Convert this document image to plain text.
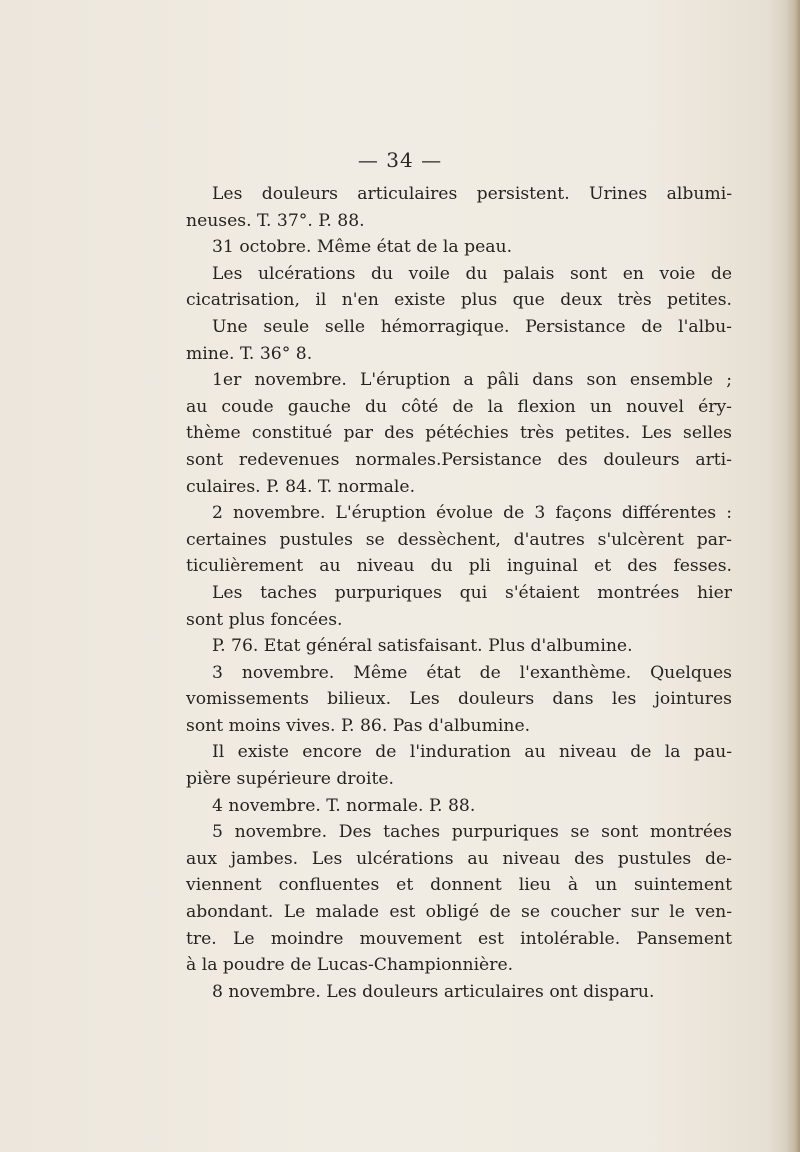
— 34 —
Les douleurs articulaires persistent. Urines albumi-
neuses. T. 37°. P. 88.
31 octobre. Même état de la peau.
Les ulcérations du voile du palais sont en voie de
cicatrisation, il n'en existe plus que deux très petites.
Une seule selle hémorragique. Persistance de l'albu-
mine. T. 36° 8.
1er novembre. L'éruption a pâli dans son ensemble ;
au coude gauche du côté de la flexion un nouvel éry-
thème constitué par des pétéchies très petites. Les selles
sont redevenues normales.Persistance des douleurs arti-
culaires. P. 84. T. normale.
2 novembre. L'éruption évolue de 3 façons différentes :
certaines pustules se dessèchent, d'autres s'ulcèrent par-
ticulièrement au niveau du pli inguinal et des fesses.
Les taches purpuriques qui s'étaient montrées hier
sont plus foncées.
P. 76. Etat général satisfaisant. Plus d'albumine.
3 novembre. Même état de l'exanthème. Quelques
vomissements bilieux. Les douleurs dans les jointures
sont moins vives. P. 86. Pas d'albumine.
Il existe encore de l'induration au niveau de la pau-
pière supérieure droite.
4 novembre. T. normale. P. 88.
5 novembre. Des taches purpuriques se sont montrées
aux jambes. Les ulcérations au niveau des pustules de-
viennent confluentes et donnent lieu à un suintement
abondant. Le malade est obligé de se coucher sur le ven-
tre. Le moindre mouvement est intolérable. Pansement
à la poudre de Lucas-Championnière.
8 novembre. Les douleurs articulaires ont disparu.
